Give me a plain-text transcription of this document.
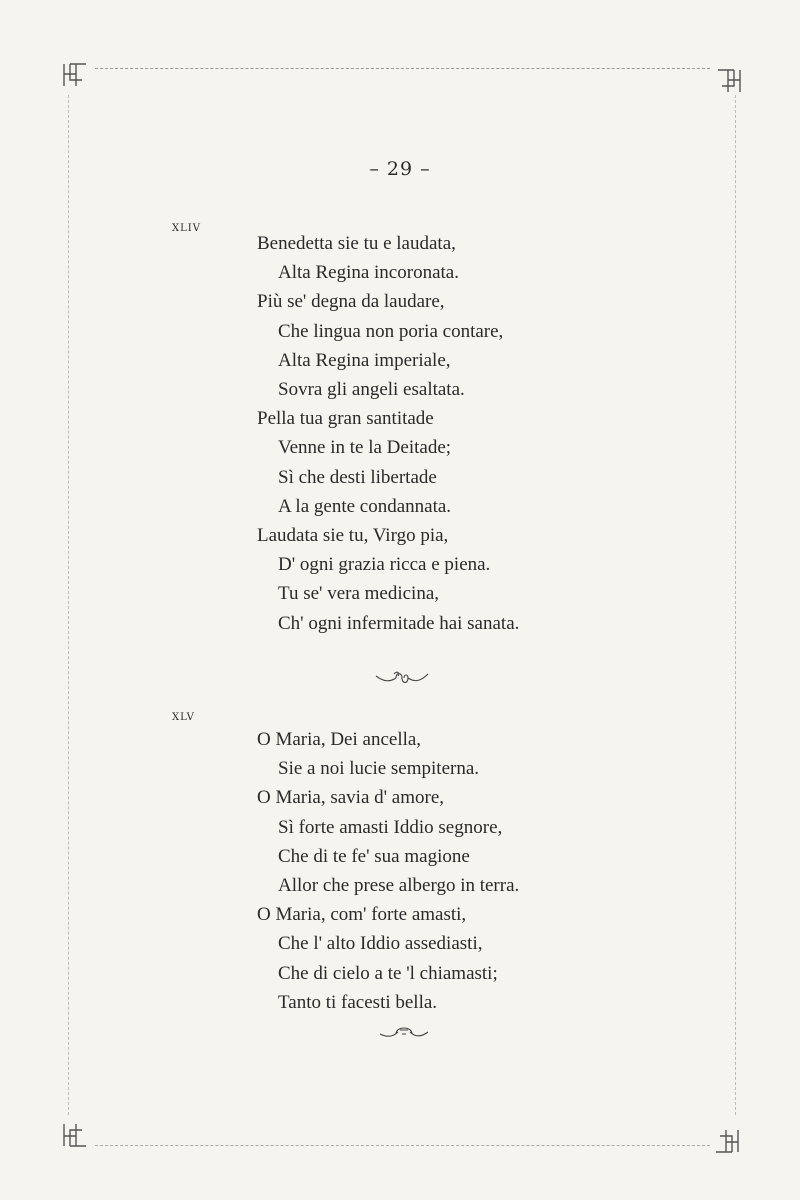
– 29 –
XLIV
Benedetta sie tu e laudata,
Alta Regina incoronata.
Più se' degna da laudare,
Che lingua non poria contare,
Alta Regina imperiale,
Sovra gli angeli esaltata.
Pella tua gran santitade
Venne in te la Deitade;
Sì che desti libertade
A la gente condannata.
Laudata sie tu, Virgo pia,
D' ogni grazia ricca e piena.
Tu se' vera medicina,
Ch' ogni infermitade hai sanata.
XLV
O Maria, Dei ancella,
Sie a noi lucie sempiterna.
O Maria, savia d' amore,
Sì forte amasti Iddio segnore,
Che di te fe' sua magione
Allor che prese albergo in terra.
O Maria, com' forte amasti,
Che l' alto Iddio assediasti,
Che di cielo a te 'l chiamasti;
Tanto ti facesti bella.
